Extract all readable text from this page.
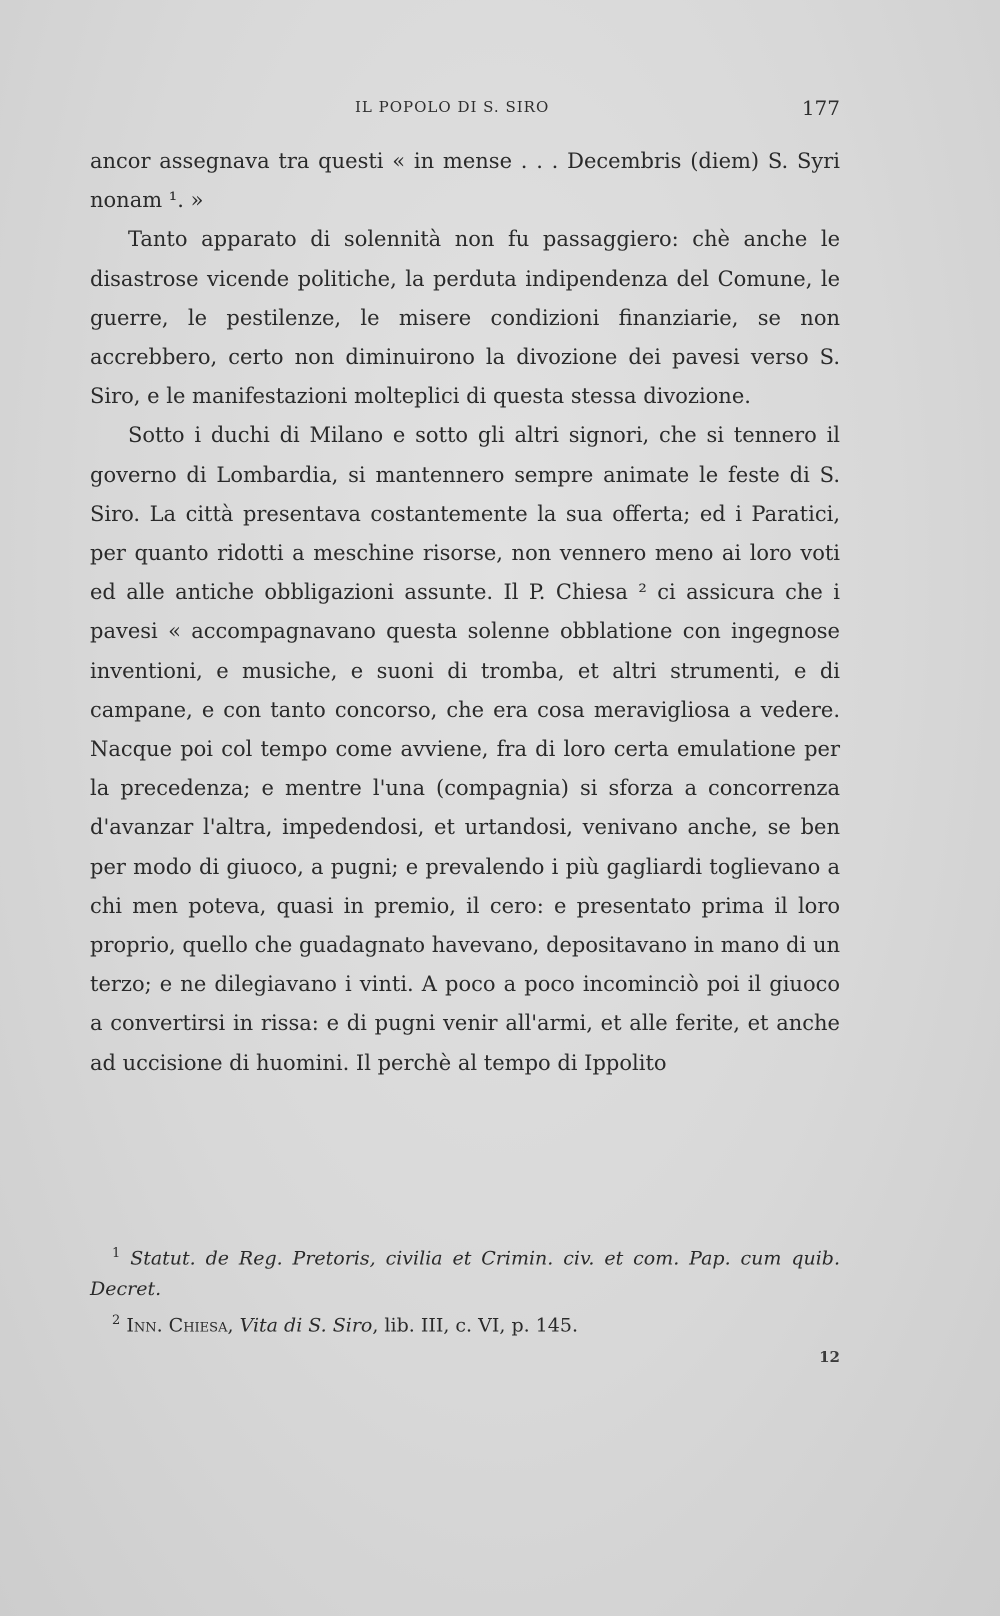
IL POPOLO DI S. SIRO	177

ancor assegnava tra questi « in mense . . . Decembris (diem) S. Syri nonam ¹. »

Tanto apparato di solennità non fu passaggiero: chè anche le disastrose vicende politiche, la perduta indipendenza del Comune, le guerre, le pestilenze, le misere condizioni finanziarie, se non accrebbero, certo non diminuirono la divozione dei pavesi verso S. Siro, e le manifestazioni molteplici di questa stessa divozione.

Sotto i duchi di Milano e sotto gli altri signori, che si tennero il governo di Lombardia, si mantennero sempre animate le feste di S. Siro. La città presentava costantemente la sua offerta; ed i Paratici, per quanto ridotti a meschine risorse, non vennero meno ai loro voti ed alle antiche obbligazioni assunte. Il P. Chiesa ² ci assicura che i pavesi « accompagnavano questa solenne obblatione con ingegnose inventioni, e musiche, e suoni di tromba, et altri strumenti, e di campane, e con tanto concorso, che era cosa meravigliosa a vedere. Nacque poi col tempo come avviene, fra di loro certa emulatione per la precedenza; e mentre l'una (compagnia) si sforza a concorrenza d'avanzar l'altra, impedendosi, et urtandosi, venivano anche, se ben per modo di giuoco, a pugni; e prevalendo i più gagliardi toglievano a chi men poteva, quasi in premio, il cero: e presentato prima il loro proprio, quello che guadagnato havevano, depositavano in mano di un terzo; e ne dilegiavano i vinti. A poco a poco incominciò poi il giuoco a convertirsi in rissa: e di pugni venir all'armi, et alle ferite, et anche ad uccisione di huomini. Il perchè al tempo di Ippolito

$^1$ Statut. de Reg. Pretoris, civilia et Crimin. civ. et com. Pap. cum quib. Decret.

$^2$ Inn. Chiesa, Vita di S. Siro, lib. III, c. VI, p. 145.

12
